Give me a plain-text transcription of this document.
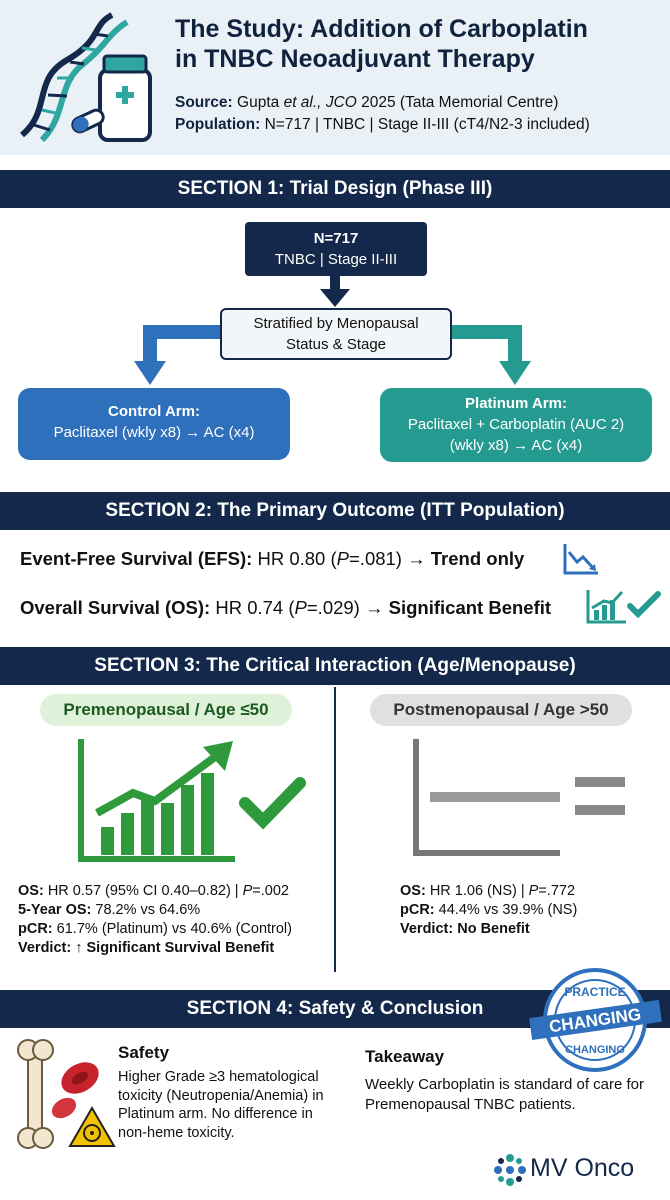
The Study: Addition of Carboplatin
in TNBC Neoadjuvant Therapy
Source: Gupta et al., JCO 2025 (Tata Memorial Centre)
Population: N=717 | TNBC | Stage II-III (cT4/N2-3 included)
SECTION 1: Trial Design (Phase III)
N=717
TNBC | Stage II-III
Stratified by Menopausal
Status & Stage
Control Arm:
Paclitaxel (wkly x8) → AC (x4)
Platinum Arm:
Paclitaxel + Carboplatin (AUC 2)
(wkly x8) → AC (x4)
SECTION 2: The Primary Outcome (ITT Population)
Event-Free Survival (EFS): HR 0.80 (P=.081) → Trend only
Overall Survival (OS): HR 0.74 (P=.029) → Significant Benefit
SECTION 3: The Critical Interaction (Age/Menopause)
Premenopausal / Age ≤50	Postmenopausal / Age >50
OS: HR 0.57 (95% CI 0.40–0.82) | P=.002
5-Year OS: 78.2% vs 64.6%
pCR: 61.7% (Platinum) vs 40.6% (Control)
Verdict: ↑ Significant Survival Benefit
OS: HR 1.06 (NS) | P=.772
pCR: 44.4% vs 39.9% (NS)
Verdict: No Benefit
SECTION 4: Safety & Conclusion
PRACTICE
CHANGING
CHANGING
Safety
Higher Grade ≥3 hematological toxicity (Neutropenia/Anemia) in Platinum arm. No difference in non-heme toxicity.
Takeaway
Weekly Carboplatin is standard of care for Premenopausal TNBC patients.
MV Onco
